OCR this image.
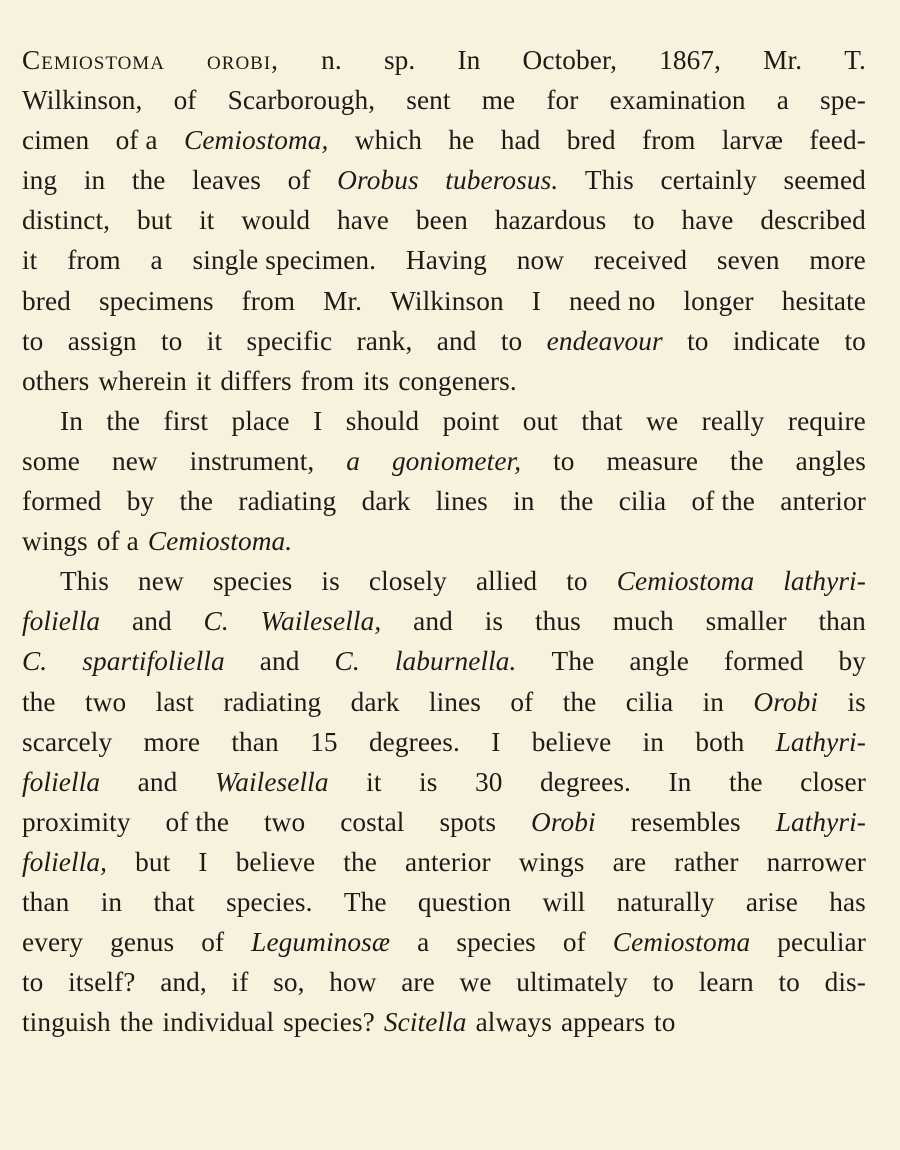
Cemiostoma orobi, n. sp. In October, 1867, Mr. T.
Wilkinson, of Scarborough, sent me for examination a spe-
cimen of a Cemiostoma, which he had bred from larvæ feed-
ing in the leaves of Orobus tuberosus. This certainly seemed
distinct, but it would have been hazardous to have described
it from a single specimen. Having now received seven more
bred specimens from Mr. Wilkinson I need no longer hesitate
to assign to it specific rank, and to endeavour to indicate to
others wherein it differs from its congeners.
In the first place I should point out that we really require
some new instrument, a goniometer, to measure the angles
formed by the radiating dark lines in the cilia of the anterior
wings of a Cemiostoma.
This new species is closely allied to Cemiostoma lathyri-
foliella and C. Wailesella, and is thus much smaller than
C. spartifoliella and C. laburnella. The angle formed by
the two last radiating dark lines of the cilia in Orobi is
scarcely more than 15 degrees. I believe in both Lathyri-
foliella and Wailesella it is 30 degrees. In the closer
proximity of the two costal spots Orobi resembles Lathyri-
foliella, but I believe the anterior wings are rather narrower
than in that species. The question will naturally arise has
every genus of Leguminosæ a species of Cemiostoma peculiar
to itself? and, if so, how are we ultimately to learn to dis-
tinguish the individual species? Scitella always appears to
